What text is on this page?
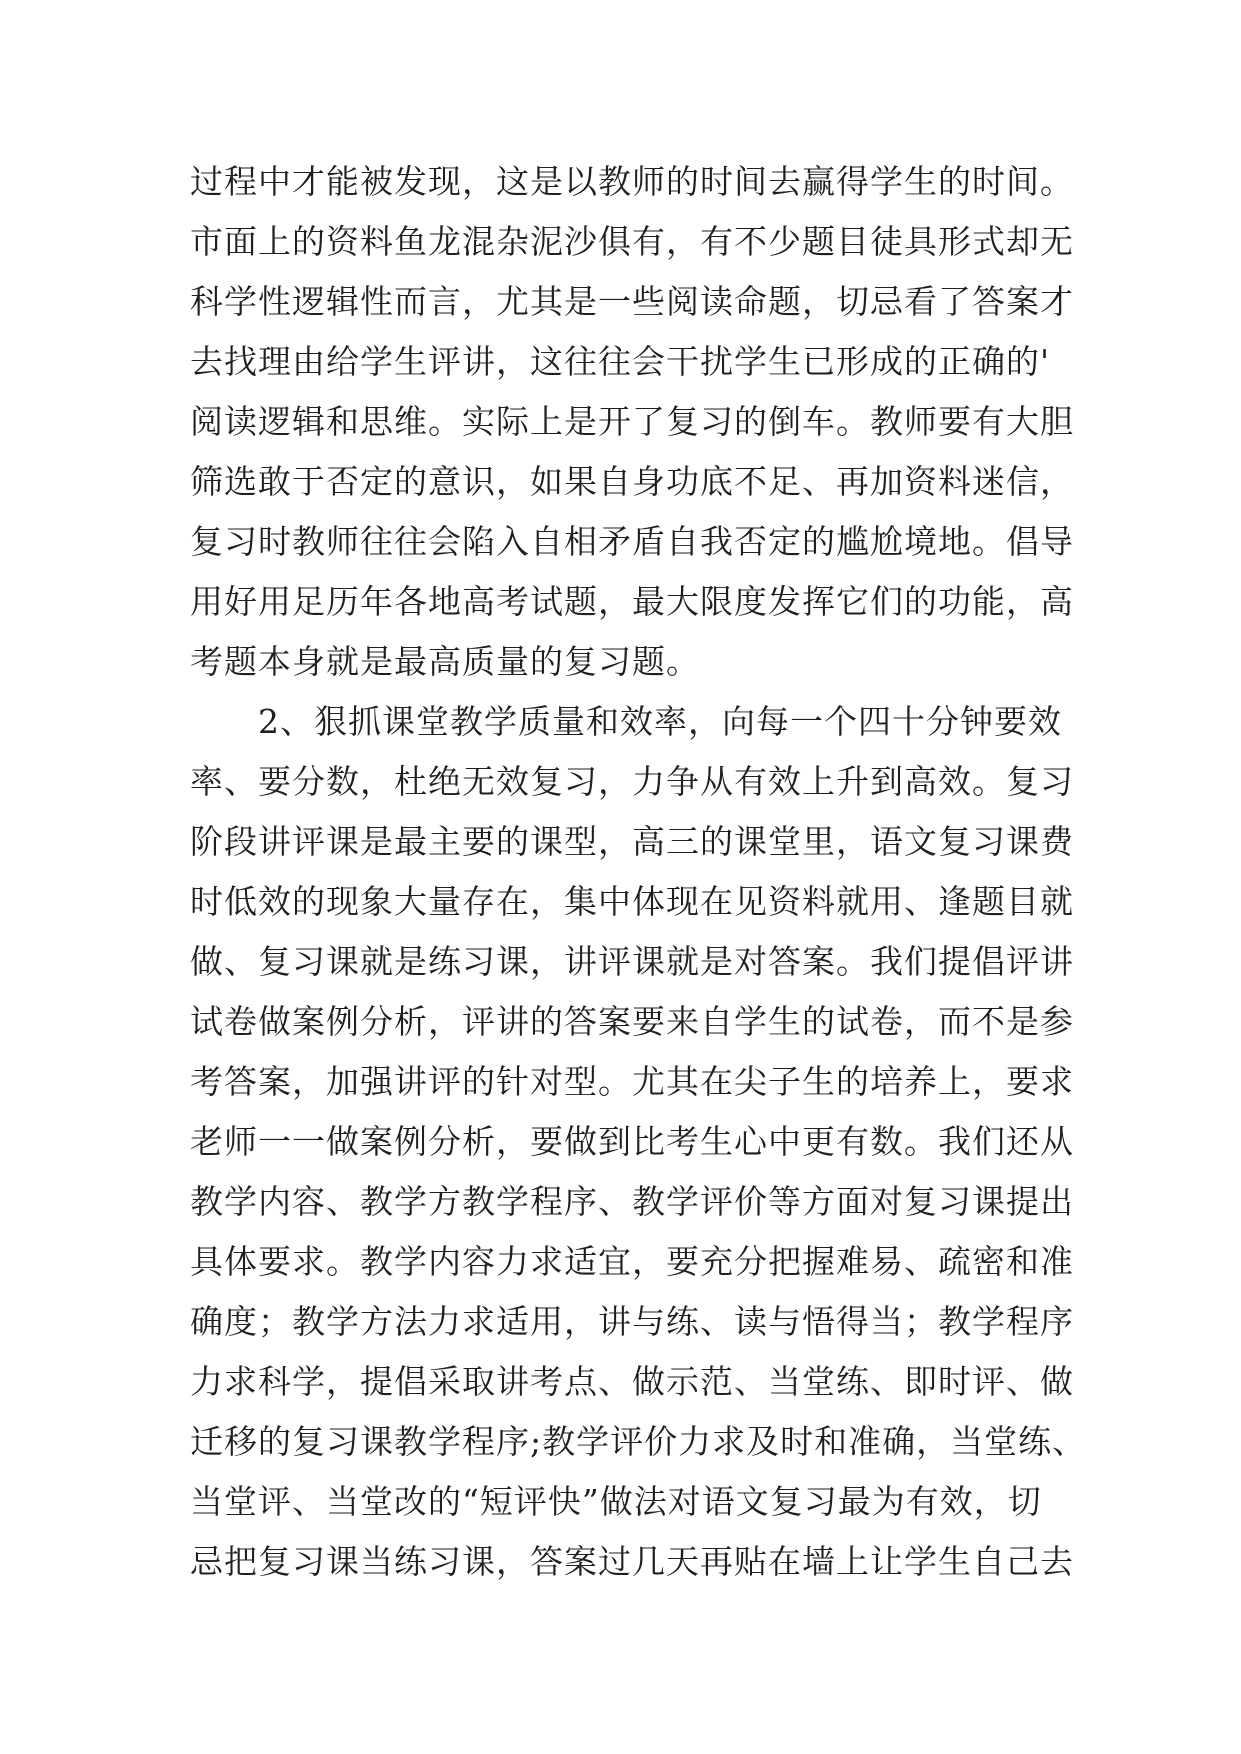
过程中才能被发现，这是以教师的时间去赢得学生的时间。
市面上的资料鱼龙混杂泥沙俱有，有不少题目徒具形式却无
科学性逻辑性而言，尤其是一些阅读命题，切忌看了答案才
去找理由给学生评讲，这往往会干扰学生已形成的正确的'
阅读逻辑和思维。实际上是开了复习的倒车。教师要有大胆
筛选敢于否定的意识，如果自身功底不足、再加资料迷信，
复习时教师往往会陷入自相矛盾自我否定的尴尬境地。倡导
用好用足历年各地高考试题，最大限度发挥它们的功能，高
考题本身就是最高质量的复习题。
　　2、狠抓课堂教学质量和效率，向每一个四十分钟要效
率、要分数，杜绝无效复习，力争从有效上升到高效。复习
阶段讲评课是最主要的课型，高三的课堂里，语文复习课费
时低效的现象大量存在，集中体现在见资料就用、逢题目就
做、复习课就是练习课，讲评课就是对答案。我们提倡评讲
试卷做案例分析，评讲的答案要来自学生的试卷，而不是参
考答案，加强讲评的针对型。尤其在尖子生的培养上，要求
老师一一做案例分析，要做到比考生心中更有数。我们还从
教学内容、教学方教学程序、教学评价等方面对复习课提出
具体要求。教学内容力求适宜，要充分把握难易、疏密和准
确度；教学方法力求适用，讲与练、读与悟得当；教学程序
力求科学，提倡采取讲考点、做示范、当堂练、即时评、做
迁移的复习课教学程序;教学评价力求及时和准确，当堂练、
当堂评、当堂改的“短评快”做法对语文复习最为有效，切
忌把复习课当练习课，答案过几天再贴在墙上让学生自己去
